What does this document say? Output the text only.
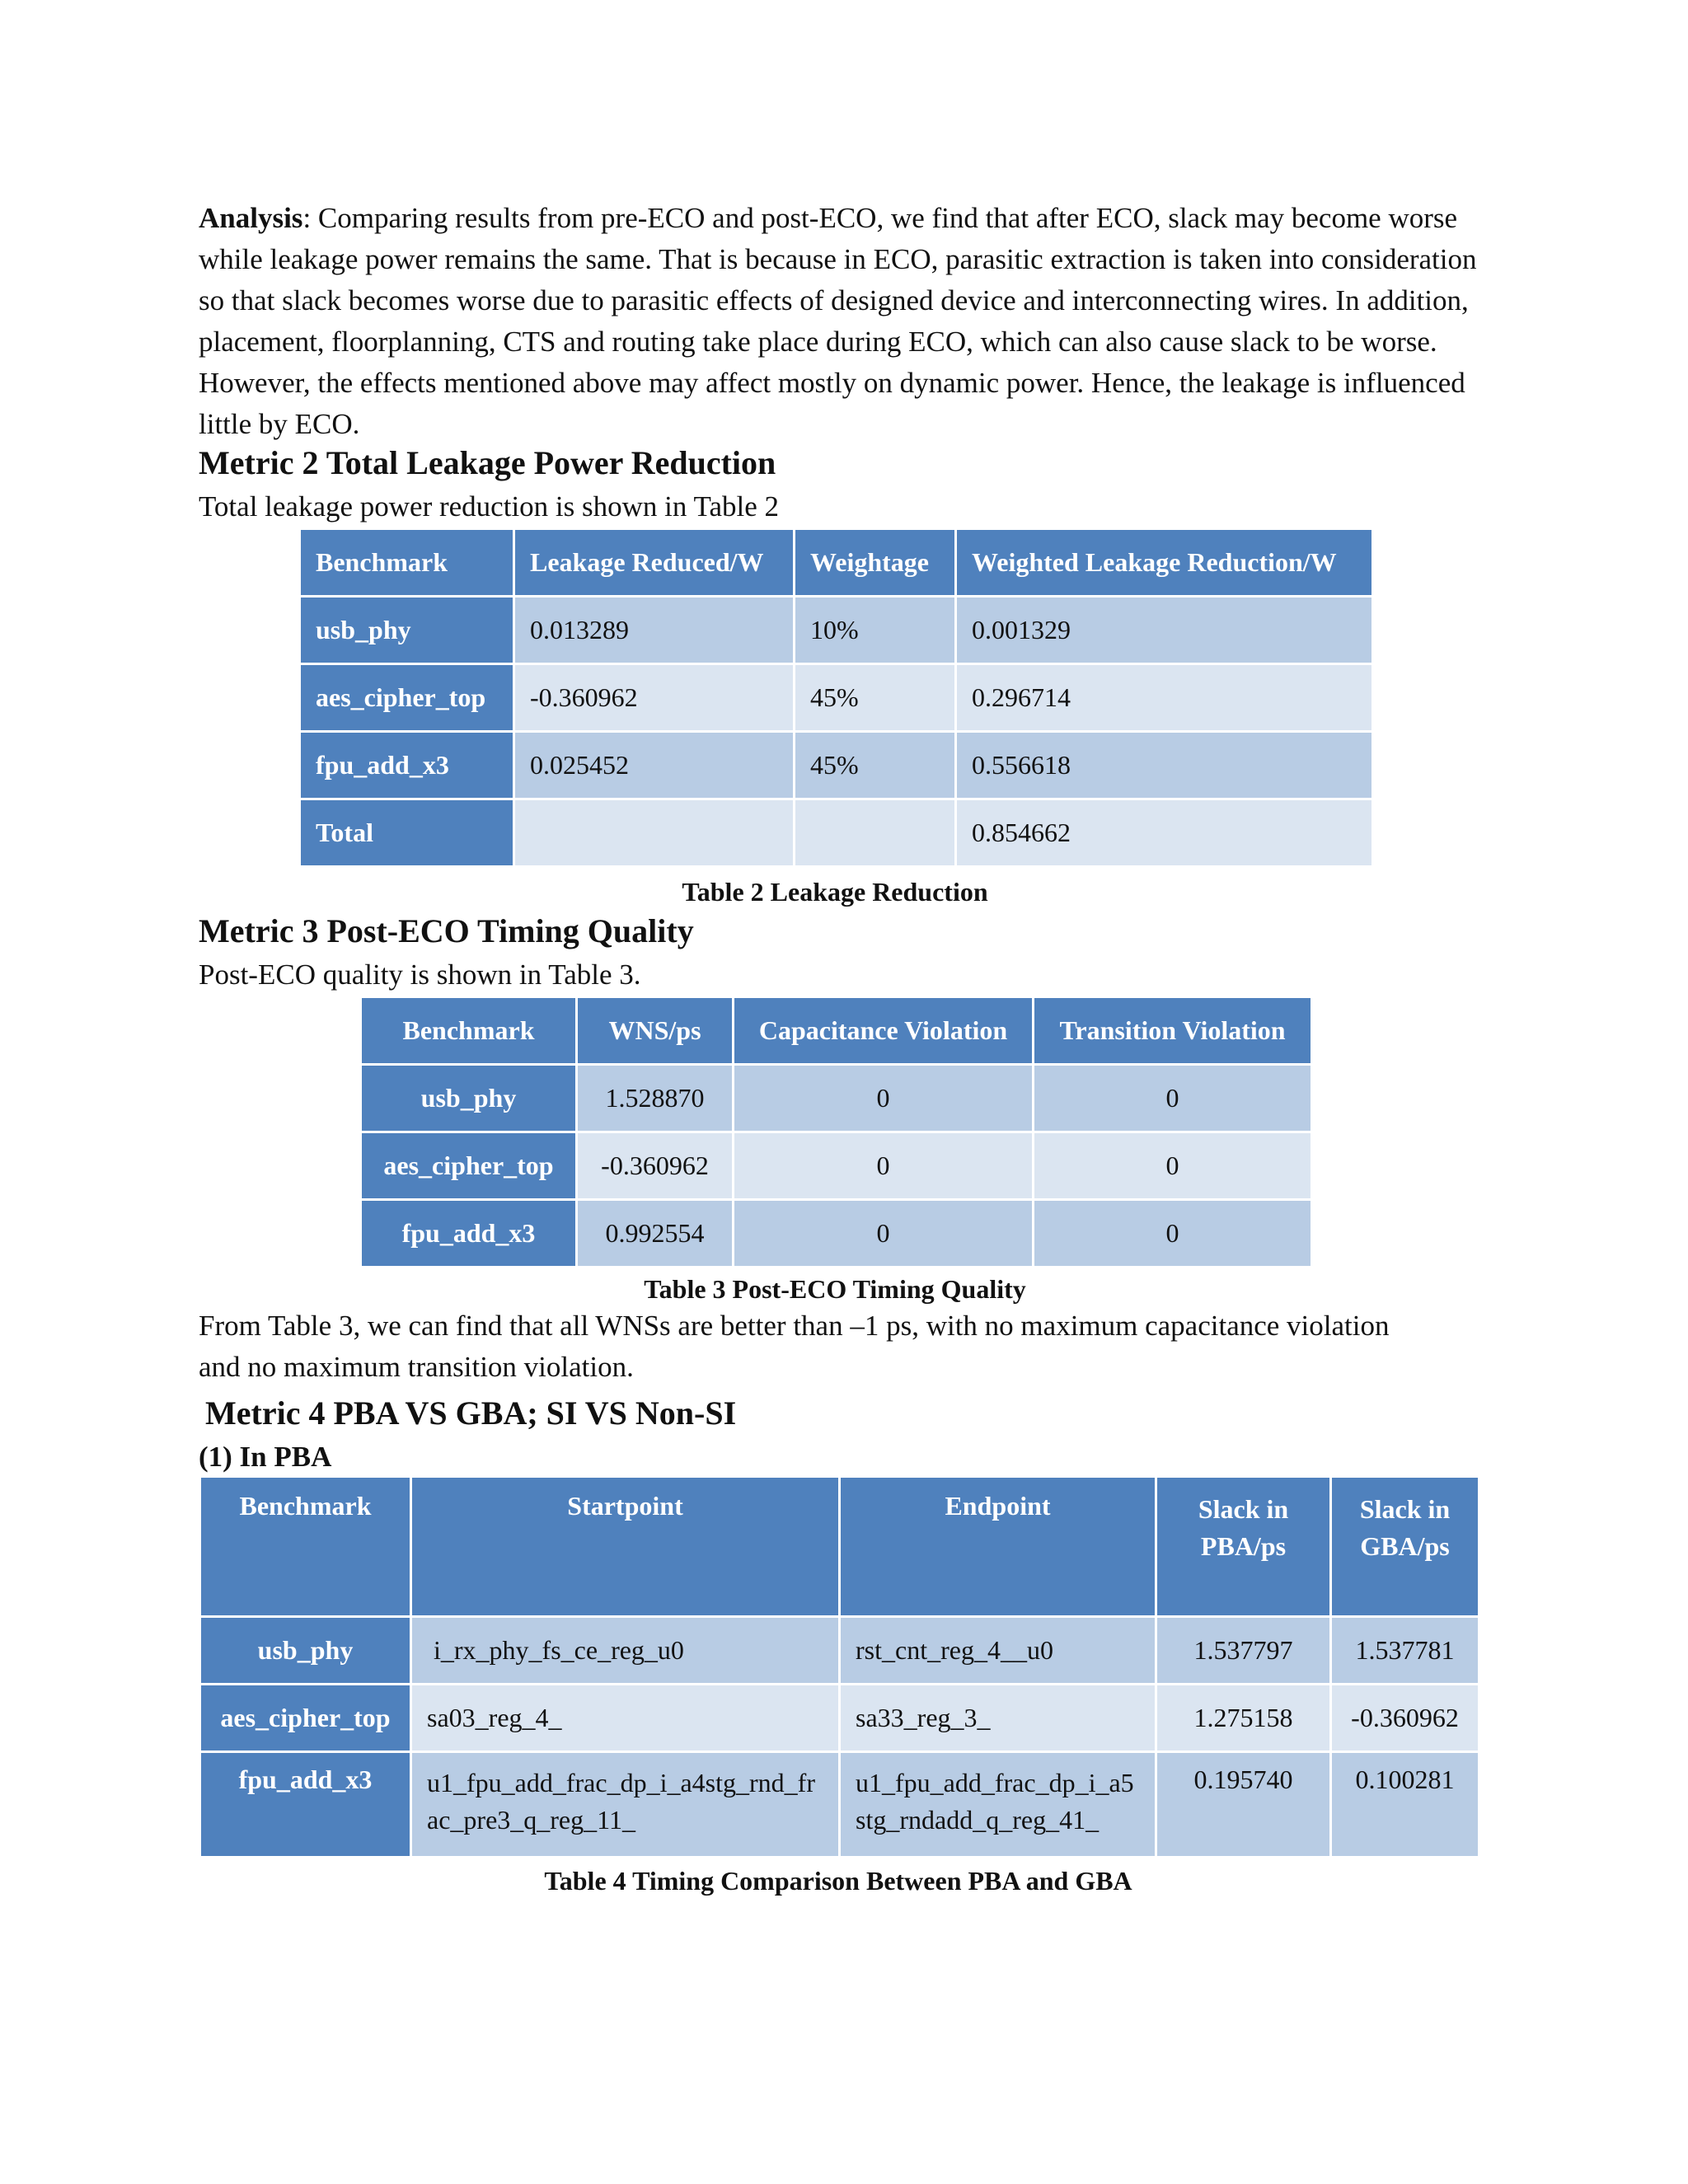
Analysis: Comparing results from pre-ECO and post-ECO, we find that after ECO, slack may become worse while leakage power remains the same. That is because in ECO, parasitic extraction is taken into consideration so that slack becomes worse due to parasitic effects of designed device and interconnecting wires. In addition, placement, floorplanning, CTS and routing take place during ECO, which can also cause slack to be worse. However, the effects mentioned above may affect mostly on dynamic power. Hence, the leakage is influenced little by ECO.
Metric 2 Total Leakage Power Reduction
Total leakage power reduction is shown in Table 2
Benchmark	Leakage Reduced/W	Weightage	Weighted Leakage Reduction/W
usb_phy	0.013289	10%	0.001329
aes_cipher_top	-0.360962	45%	0.296714
fpu_add_x3	0.025452	45%	0.556618
Total			0.854662
Table 2 Leakage Reduction
Metric 3 Post-ECO Timing Quality
Post-ECO quality is shown in Table 3.
Benchmark	WNS/ps	Capacitance Violation	Transition Violation
usb_phy	1.528870	0	0
aes_cipher_top	-0.360962	0	0
fpu_add_x3	0.992554	0	0
Table 3 Post-ECO Timing Quality
From Table 3, we can find that all WNSs are better than –1 ps, with no maximum capacitance violation
and no maximum transition violation.
Metric 4 PBA VS GBA; SI VS Non-SI
(1) In PBA
Benchmark	Startpoint	Endpoint	Slack in PBA/ps	Slack in GBA/ps
usb_phy	i_rx_phy_fs_ce_reg_u0	rst_cnt_reg_4__u0	1.537797	1.537781
aes_cipher_top	sa03_reg_4_	sa33_reg_3_	1.275158	-0.360962
fpu_add_x3	u1_fpu_add_frac_dp_i_a4stg_rnd_frac_pre3_q_reg_11_	u1_fpu_add_frac_dp_i_a5stg_rndadd_q_reg_41_	0.195740	0.100281
Table 4 Timing Comparison Between PBA and GBA
